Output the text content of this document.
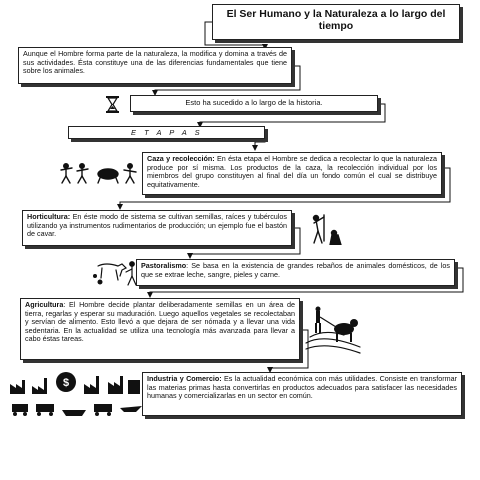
El Ser Humano y la Naturaleza a lo largo del tiempo
Aunque el Hombre forma parte de la naturaleza, la modifica y domina a través de sus actividades. Ésta constituye una de las diferencias fundamentales que tiene sobre los animales.
Esto ha sucedido a lo largo de la historia.
E T A P A S
Caza y recolección: En ésta etapa el Hombre se dedica a recolectar lo que la naturaleza produce por sí misma. Los productos de la caza, la recolección individual por los miembros del grupo constituyen al final del día un fondo común el cual se distribuye equitativamente.
Horticultura: En éste modo de sistema se cultivan semillas, raíces y tubérculos utilizando ya instrumentos rudimentarios de producción; un ejemplo fue el bastón de cavar.
Pastoralismo: Se basa en la existencia de grandes rebaños de animales domésticos, de los que se extrae leche, sangre, pieles y carne.
Agricultura: El Hombre decide plantar deliberadamente semillas en un área de tierra, regarlas y esperar su maduración. Luego aquellos vegetales se recolectaban y servían de alimento. Esto llevó a que dejara de ser nómada y a llevar una vida sedentaria. En la actualidad se utiliza una tecnología más avanzada para llevar a cabo éstas tareas.
$	Industria y Comercio: Es la actualidad económica con más utilidades. Consiste en transformar las materias primas hasta convertirlas en productos adecuados para satisfacer las necesidades humanas y comercializarlas en un sector en común.
